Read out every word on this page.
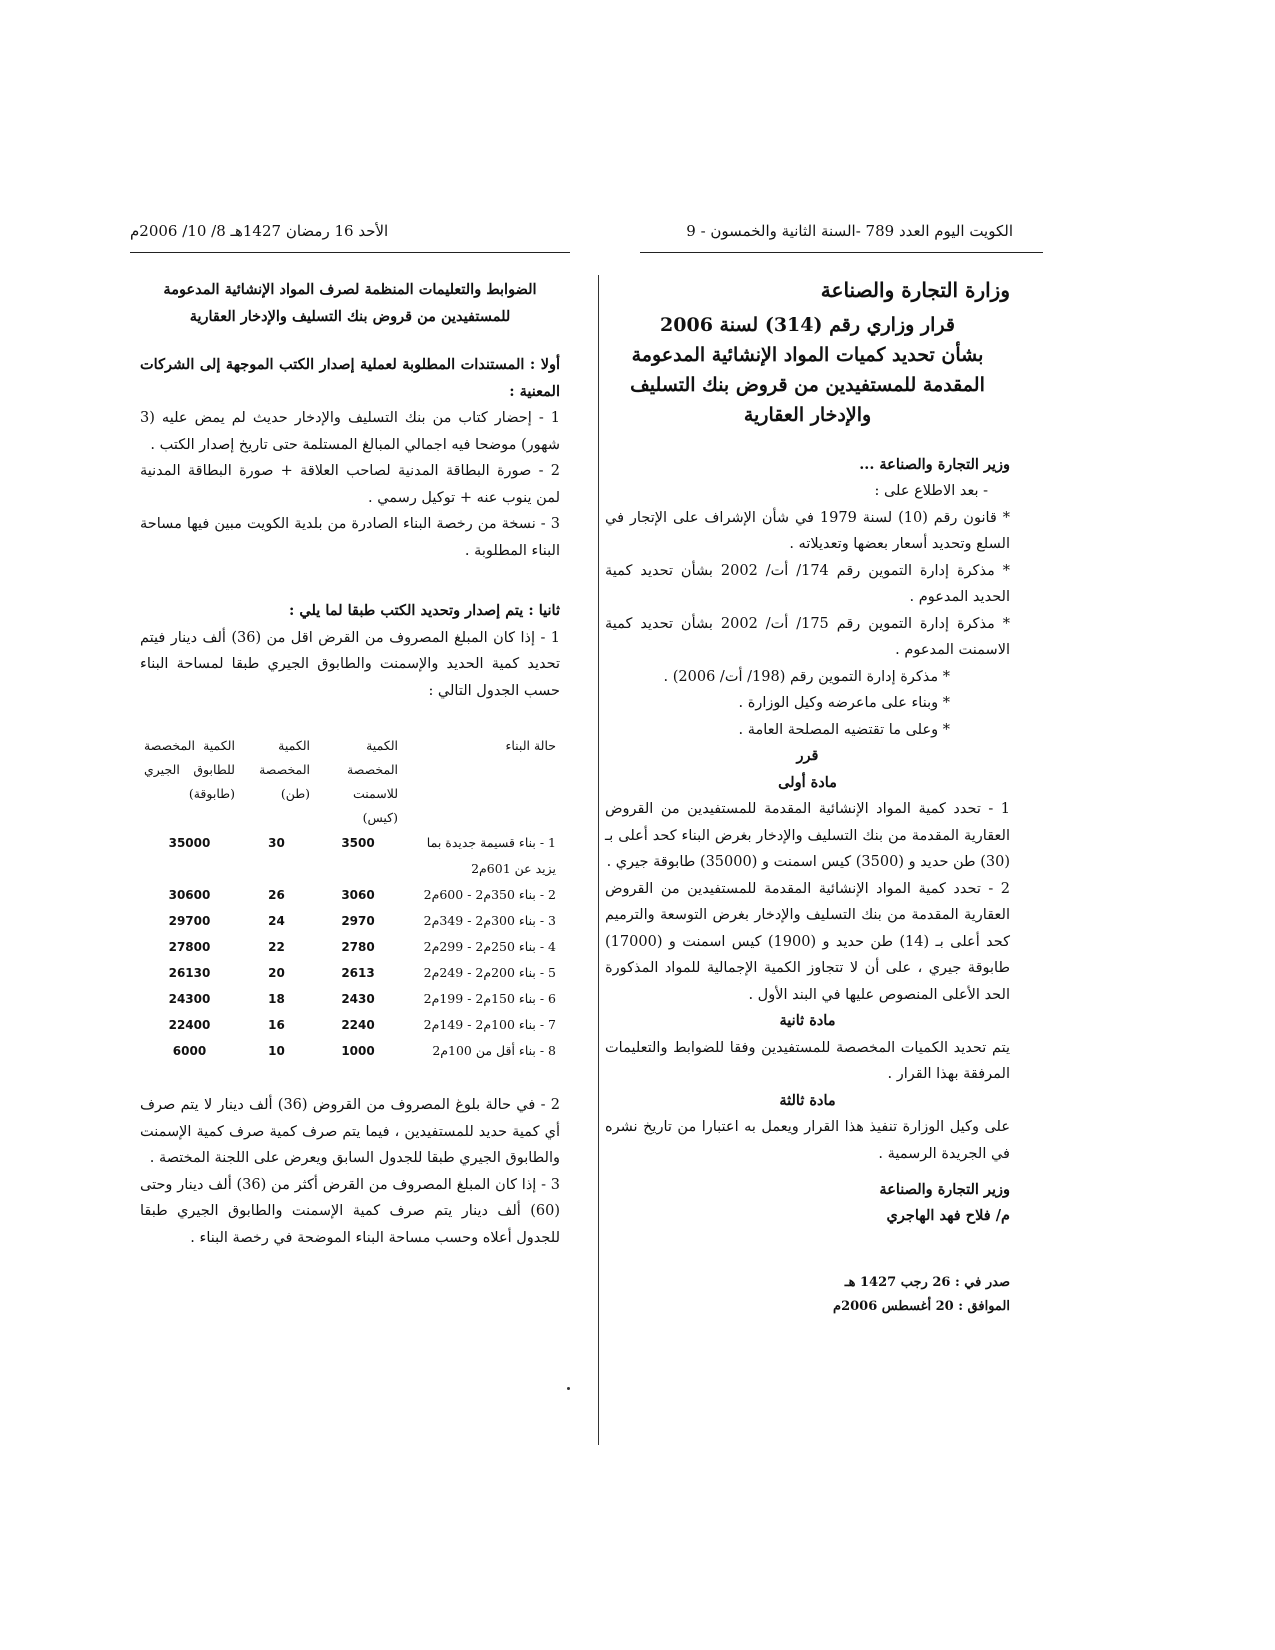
الكويت اليوم العدد 789 -السنة الثانية والخمسون - 9
الأحد 16 رمضان 1427هـ 8/ 10/ 2006م
وزارة التجارة والصناعة
قرار وزاري رقم (314) لسنة 2006
بشأن تحديد كميات المواد الإنشائية المدعومة
المقدمة للمستفيدين من قروض بنك التسليف
والإدخار العقارية
وزير التجارة والصناعة ...
- بعد الاطلاع على :
* قانون رقم (10) لسنة 1979 في شأن الإشراف على الإتجار في السلع وتحديد أسعار بعضها وتعديلاته .
* مذكرة إدارة التموين رقم 174/ أت/ 2002 بشأن تحديد كمية الحديد المدعوم .
* مذكرة إدارة التموين رقم 175/ أت/ 2002 بشأن تحديد كمية الاسمنت المدعوم .
* مذكرة إدارة التموين رقم (198/ أت/ 2006) .
* وبناء على ماعرضه وكيل الوزارة .
* وعلى ما تقتضيه المصلحة العامة .
قرر
مادة أولى
1 - تحدد كمية المواد الإنشائية المقدمة للمستفيدين من القروض العقارية المقدمة من بنك التسليف والإدخار بغرض البناء كحد أعلى بـ (30) طن حديد و (3500) كيس اسمنت و (35000) طابوقة جيري .
2 - تحدد كمية المواد الإنشائية المقدمة للمستفيدين من القروض العقارية المقدمة من بنك التسليف والإدخار بغرض التوسعة والترميم كحد أعلى بـ (14) طن حديد و (1900) كيس اسمنت و (17000) طابوقة جيري ، على أن لا تتجاوز الكمية الإجمالية للمواد المذكورة الحد الأعلى المنصوص عليها في البند الأول .
مادة ثانية
يتم تحديد الكميات المخصصة للمستفيدين وفقا للضوابط والتعليمات المرفقة بهذا القرار .
مادة ثالثة
على وكيل الوزارة تنفيذ هذا القرار ويعمل به اعتبارا من تاريخ نشره في الجريدة الرسمية .
وزير التجارة والصناعة
م/ فلاح فهد الهاجري
صدر في : 26 رجب 1427 هـ
الموافق : 20 أغسطس 2006م
الضوابط والتعليمات المنظمة لصرف المواد الإنشائية المدعومة
للمستفيدين من قروض بنك التسليف والإدخار العقارية
أولا : المستندات المطلوبة لعملية إصدار الكتب الموجهة إلى الشركات المعنية :
1 - إحضار كتاب من بنك التسليف والإدخار حديث لم يمض عليه (3 شهور) موضحا فيه اجمالي المبالغ المستلمة حتى تاريخ إصدار الكتب .
2 - صورة البطاقة المدنية لصاحب العلاقة + صورة البطاقة المدنية لمن ينوب عنه + توكيل رسمي .
3 - نسخة من رخصة البناء الصادرة من بلدية الكويت مبين فيها مساحة البناء المطلوبة .
ثانيا : يتم إصدار وتحديد الكتب طبقا لما يلي :
1 - إذا كان المبلغ المصروف من القرض اقل من (36) ألف دينار فيتم تحديد كمية الحديد والإسمنت والطابوق الجيري طبقا لمساحة البناء حسب الجدول التالي :
حالة البناء	الكمية المخصصة للاسمنت (كيس)	الكمية المخصصة (طن)	الكمية المخصصة للطابوق الجيري (طابوقة)
1 - بناء قسيمة جديدة بما يزيد عن 601م2	3500	30	35000
2 - بناء 350م2 - 600م2	3060	26	30600
3 - بناء 300م2 - 349م2	2970	24	29700
4 - بناء 250م2 - 299م2	2780	22	27800
5 - بناء 200م2 - 249م2	2613	20	26130
6 - بناء 150م2 - 199م2	2430	18	24300
7 - بناء 100م2 - 149م2	2240	16	22400
8 - بناء أقل من 100م2	1000	10	6000
2 - في حالة بلوغ المصروف من القروض (36) ألف دينار لا يتم صرف أي كمية حديد للمستفيدين ، فيما يتم صرف كمية صرف كمية الإسمنت والطابوق الجيري طبقا للجدول السابق ويعرض على اللجنة المختصة .
3 - إذا كان المبلغ المصروف من القرض أكثر من (36) ألف دينار وحتى (60) ألف دينار يتم صرف كمية الإسمنت والطابوق الجيري طبقا للجدول أعلاه وحسب مساحة البناء الموضحة في رخصة البناء .
